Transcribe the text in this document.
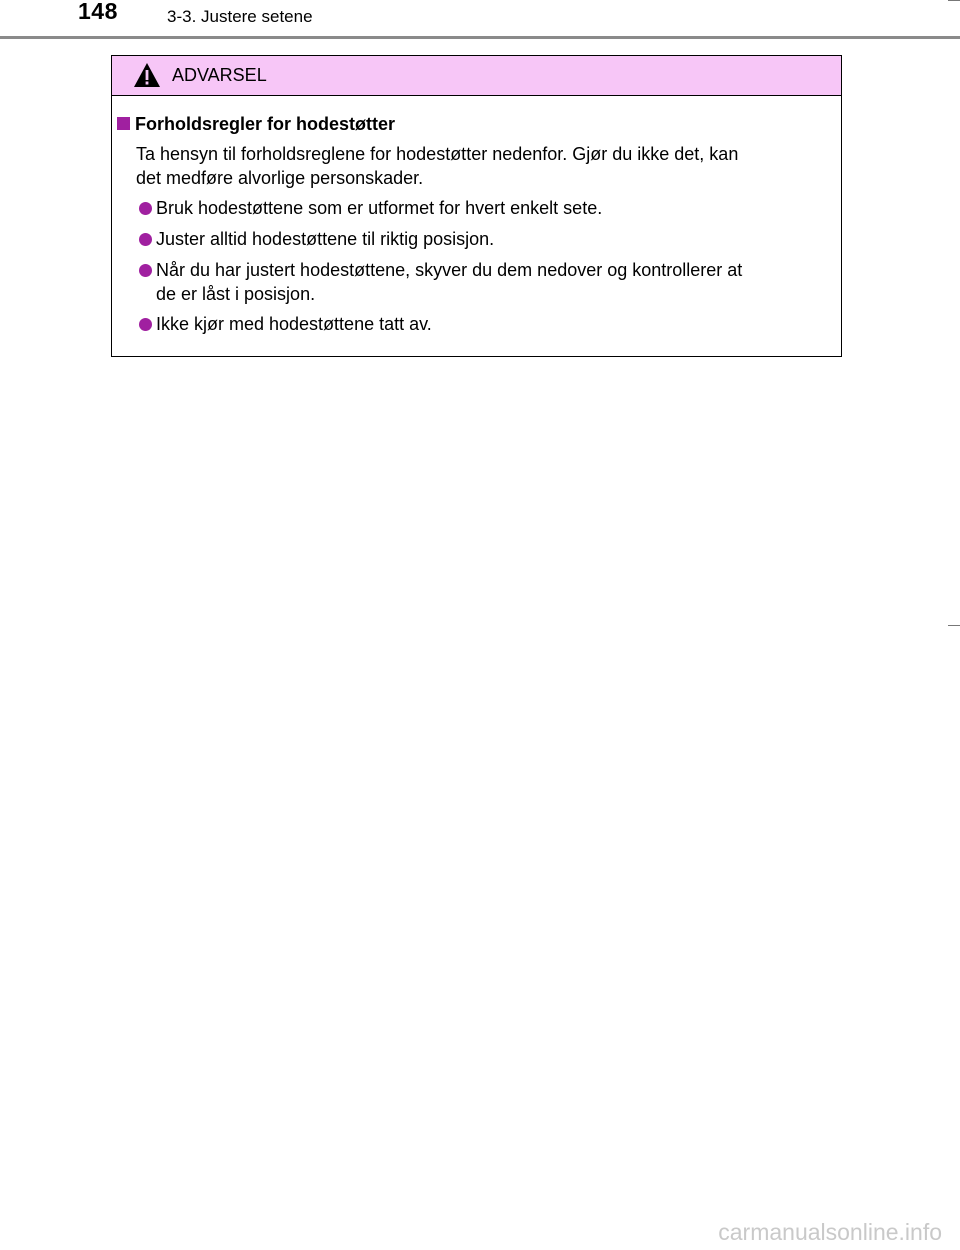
148	3-3. Justere setene
ADVARSEL
Forholdsregler for hodestøtter
Ta hensyn til forholdsreglene for hodestøtter nedenfor. Gjør du ikke det, kan
det medføre alvorlige personskader.
Bruk hodestøttene som er utformet for hvert enkelt sete.
Juster alltid hodestøttene til riktig posisjon.
Når du har justert hodestøttene, skyver du dem nedover og kontrollerer at
de er låst i posisjon.
Ikke kjør med hodestøttene tatt av.
carmanualsonline.info
